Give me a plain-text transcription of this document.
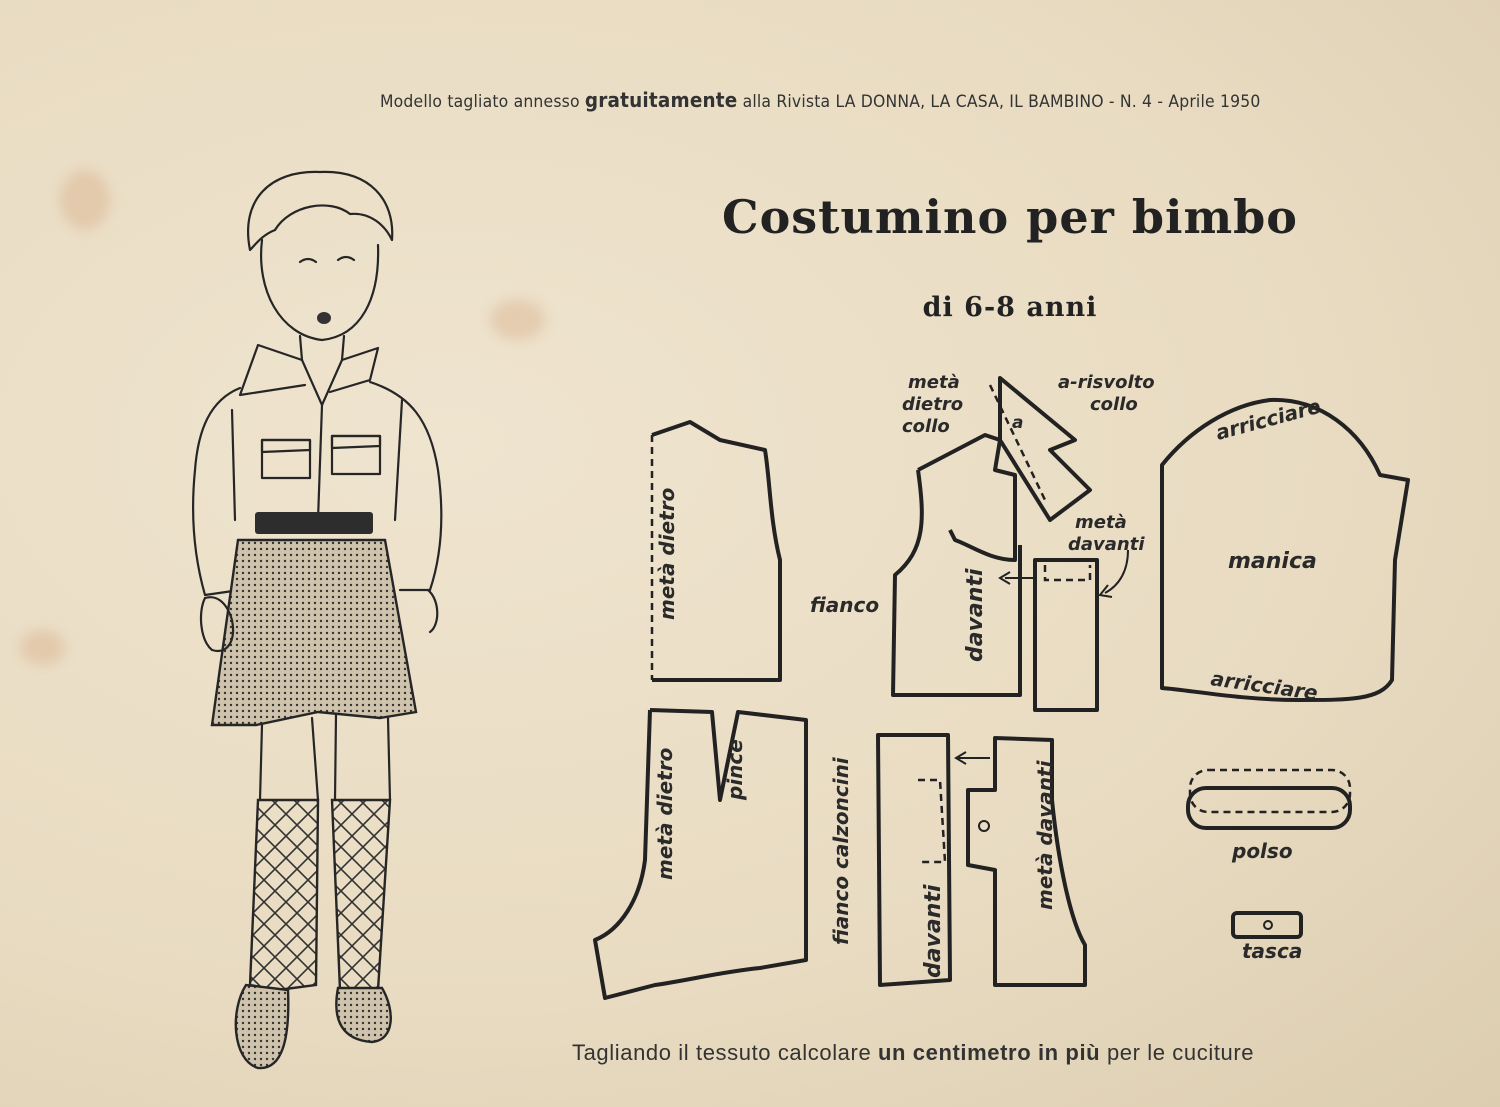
Modello tagliato annesso gratuitamente alla Rivista LA DONNA, LA CASA, IL BAMBINO - N. 4 - Aprile 1950
Costumino per bimbo
di 6-8 anni
metà dietro	fianco	davanti
a
metà dietro collo
a-risvolto collo
metà davanti
arricciare
manica
arricciare
metà dietro pince	fianco calzoncini	davanti
metà davanti	polso
tasca
Tagliando il tessuto calcolare un centimetro in più per le cuciture
